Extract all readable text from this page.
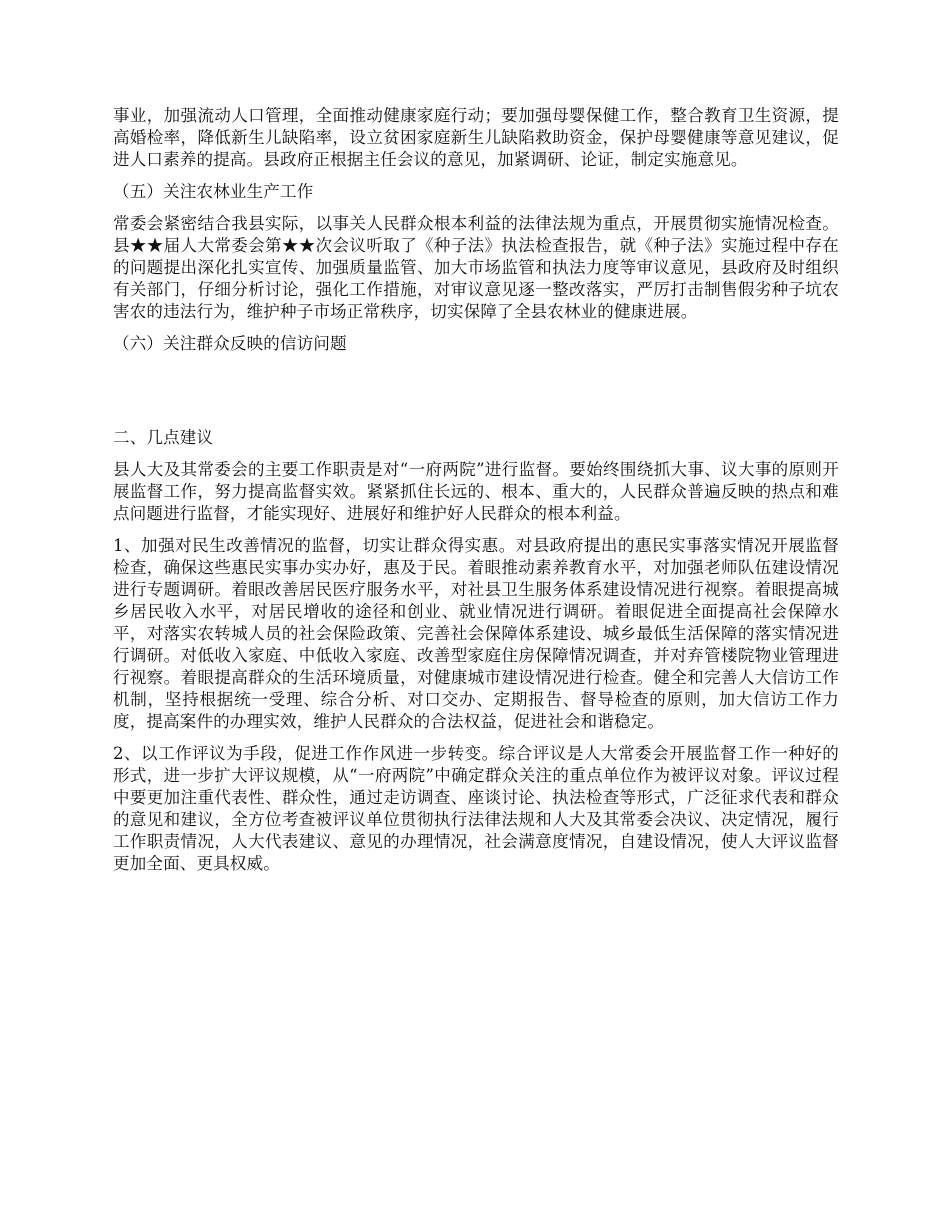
事业，加强流动人口管理，全面推动健康家庭行动；要加强母婴保健工作，整合教育卫生资源，提高婚检率，降低新生儿缺陷率，设立贫困家庭新生儿缺陷救助资金，保护母婴健康等意见建议，促进人口素养的提高。县政府正根据主任会议的意见，加紧调研、论证，制定实施意见。

（五）关注农林业生产工作

常委会紧密结合我县实际，以事关人民群众根本利益的法律法规为重点，开展贯彻实施情况检查。县★★届人大常委会第★★次会议听取了《种子法》执法检查报告，就《种子法》实施过程中存在的问题提出深化扎实宣传、加强质量监管、加大市场监管和执法力度等审议意见，县政府及时组织有关部门，仔细分析讨论，强化工作措施，对审议意见逐一整改落实，严厉打击制售假劣种子坑农害农的违法行为，维护种子市场正常秩序，切实保障了全县农林业的健康进展。

（六）关注群众反映的信访问题

二、几点建议

县人大及其常委会的主要工作职责是对“一府两院”进行监督。要始终围绕抓大事、议大事的原则开展监督工作，努力提高监督实效。紧紧抓住长远的、根本、重大的，人民群众普遍反映的热点和难点问题进行监督，才能实现好、进展好和维护好人民群众的根本利益。

1、加强对民生改善情况的监督，切实让群众得实惠。对县政府提出的惠民实事落实情况开展监督检查，确保这些惠民实事办实办好，惠及于民。着眼推动素养教育水平，对加强老师队伍建设情况进行专题调研。着眼改善居民医疗服务水平，对社县卫生服务体系建设情况进行视察。着眼提高城乡居民收入水平，对居民增收的途径和创业、就业情况进行调研。着眼促进全面提高社会保障水平，对落实农转城人员的社会保险政策、完善社会保障体系建设、城乡最低生活保障的落实情况进行调研。对低收入家庭、中低收入家庭、改善型家庭住房保障情况调查，并对弃管楼院物业管理进行视察。着眼提高群众的生活环境质量，对健康城市建设情况进行检查。健全和完善人大信访工作机制，坚持根据统一受理、综合分析、对口交办、定期报告、督导检查的原则，加大信访工作力度，提高案件的办理实效，维护人民群众的合法权益，促进社会和谐稳定。

2、以工作评议为手段，促进工作作风进一步转变。综合评议是人大常委会开展监督工作一种好的形式，进一步扩大评议规模，从“一府两院”中确定群众关注的重点单位作为被评议对象。评议过程中要更加注重代表性、群众性，通过走访调查、座谈讨论、执法检查等形式，广泛征求代表和群众的意见和建议，全方位考查被评议单位贯彻执行法律法规和人大及其常委会决议、决定情况，履行工作职责情况，人大代表建议、意见的办理情况，社会满意度情况，自建设情况，使人大评议监督更加全面、更具权威。
